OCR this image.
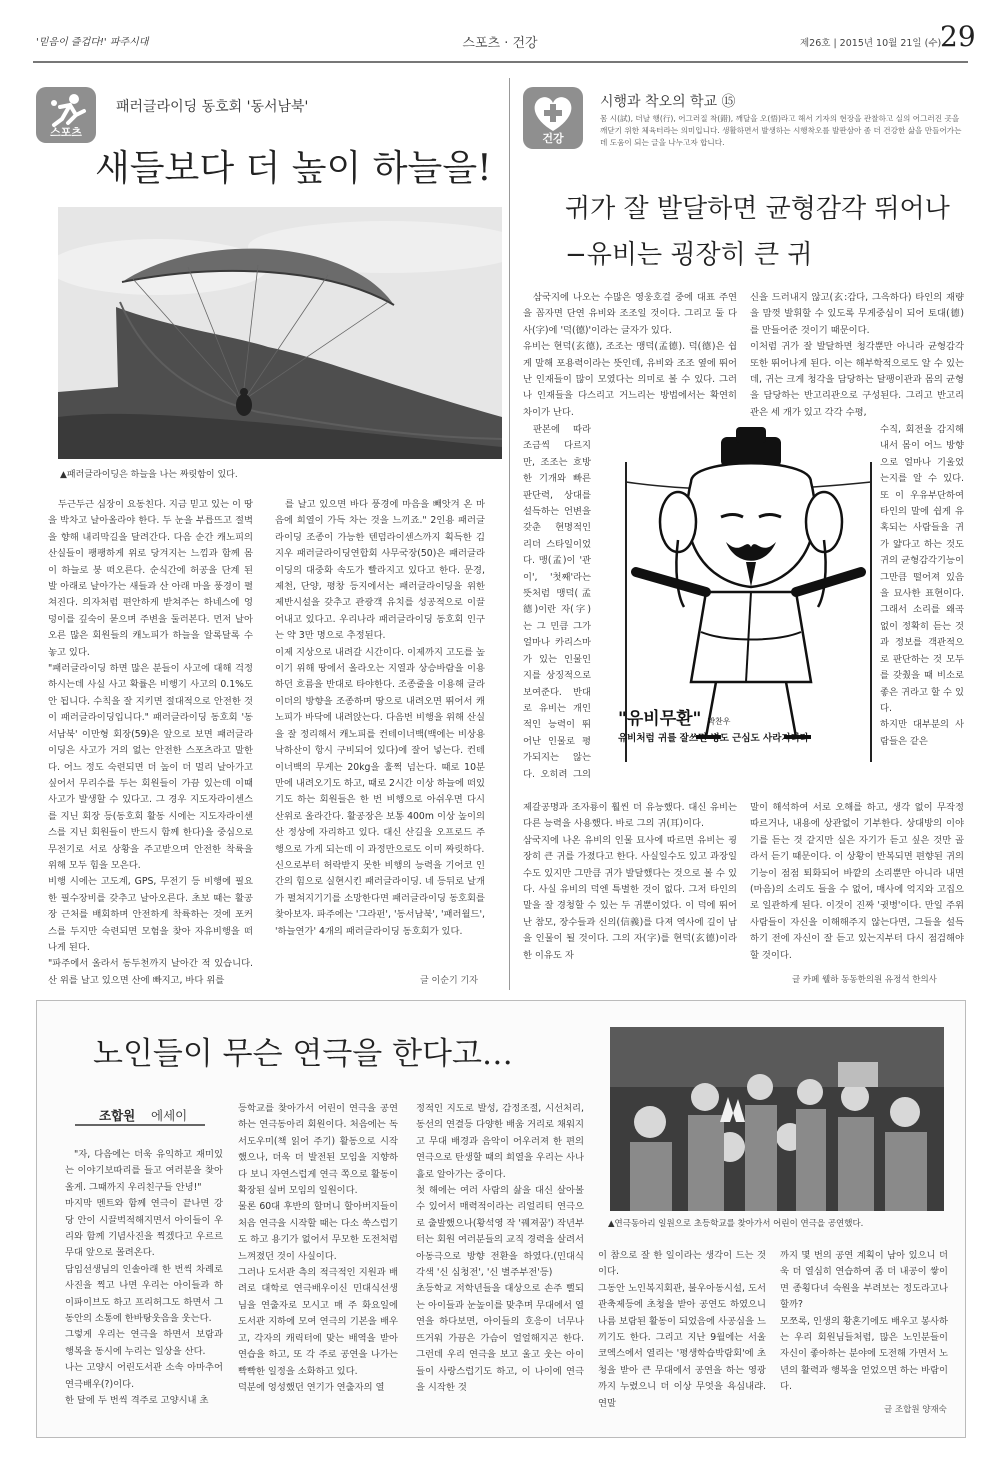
'믿음이 즐겁다!' 파주시대	스포츠 · 건강	제26호 | 2015년 10월 21일 (수)
29
스포츠
패러글라이딩 동호회 '동서남북'
새들보다 더 높이 하늘을!
▲패러글라이딩은 하늘을 나는 짜릿함이 있다.
두근두근 심장이 요동친다. 지금 믿고 있는 이 땅을 박차고 날아올라야 한다. 두 눈을 부릅뜨고 절벽을 향해 내리막길을 달려간다. 다음 순간 캐노피의 산실들이 팽팽하게 위로 당겨지는 느낌과 함께 몸이 하늘로 붕 떠오른다. 순식간에 허공을 단계 된 발 아래로 날아가는 새들과 산 아래 마을 풍경이 펼쳐진다. 의자처럼 편안하게 받쳐주는 하네스에 엉덩이를 깊숙이 묻으며 주변을 둘러본다. 먼저 날아오른 많은 회원들의 캐노피가 하늘을 알록달록 수놓고 있다.
"패러글라이딩 하면 많은 분들이 사고에 대해 걱정하시는데 사실 사고 확률은 비행기 사고의 0.1%도 안 됩니다. 수칙을 잘 지키면 절대적으로 안전한 것이 패러글라이딩입니다." 패러글라이딩 동호회 '동서남북' 이만형 회장(59)은 앞으로 보면 패러글라이딩은 사고가 거의 없는 안전한 스포츠라고 말한다. 어느 정도 숙련되면 더 높이 더 멀리 날아가고 싶어서 무리수를 두는 회원들이 가끔 있는데 이때 사고가 발생할 수 있다고. 그 경우 지도자라이센스를 지닌 회장 등(동호회 활동 시에는 지도자라이센스를 지닌 회원들이 반드시 함께 한다)을 중심으로 무전기로 서로 상황을 주고받으며 안전한 착륙을 위해 모두 힘을 모은다.
비행 시에는 고도계, GPS, 무전기 등 비행에 필요한 필수장비를 갖추고 날아오른다. 초보 때는 활공장 근처를 배회하며 안전하게 착륙하는 것에 포커스를 두지만 숙련되면 모험을 찾아 자유비행을 떠나게 된다.
"파주에서 올라서 동두천까지 날아간 적 있습니다. 산 위를 날고 있으면 산에 빠지고, 바다 위를
를 날고 있으면 바다 풍경에 마음을 빼앗겨 온 마음에 희열이 가득 차는 것을 느끼죠." 2인용 패러글라이딩 조종이 가능한 텐덤라이센스까지 획득한 김지우 패러글라이딩연합회 사무국장(50)은 패러글라이딩의 대중화 속도가 빨라지고 있다고 한다. 문경, 제천, 단양, 평창 등지에서는 패러글라이딩을 위한 제반시설을 갖추고 관광객 유치를 성공적으로 이끌어내고 있다고. 우리나라 패러글라이딩 동호회 인구는 약 3만 명으로 추정된다.
이제 지상으로 내려갈 시간이다. 이제까지 고도를 높이기 위해 땅에서 올라오는 지열과 상승바람을 이용하던 흐름을 반대로 타야한다. 조종줄을 이용해 글라이더의 방향을 조종하며 땅으로 내려오면 뛰어서 캐노피가 바닥에 내려앉는다. 다음번 비행을 위해 산실을 잘 정리해서 캐노피를 컨테이너백(백에는 비상용 낙하산이 항시 구비되어 있다)에 잘어 넣는다. 컨테이너백의 무게는 20kg을 훌쩍 넘는다. 때로 10분 만에 내려오기도 하고, 때로 2시간 이상 하늘에 떠있기도 하는 회원들은 한 번 비행으로 아쉬우면 다시 산위로 올라간다. 활공장은 보통 400m 이상 높이의 산 정상에 자리하고 있다. 대신 산길을 오프로드 주행으로 가게 되는데 이 과정만으로도 이미 짜릿하다.
신으로부터 허락받지 못한 비행의 능력을 기어코 인간의 힘으로 실현시킨 패러글라이딩. 네 등뒤로 날개가 펼쳐지기기를 소망한다면 패러글라이딩 동호회를 찾아보자. 파주에는 '그라펀', '동서남북', '패러월드', '하늘연가' 4개의 패러글라이딩 동호회가 있다.
글 이순기 기자
건강
시행과 착오의 학교 ⑮
몸 시(試), 더날 행(行), 어그러질 착(錯), 깨달을 오(悟)라고 해서 기자의 현장을 관찰하고 실의 어그러진 곳을 깨닫기 위한 체육터라는 의미입니다. 생활하면서 발생하는 시행착오를 발판삼아 좀 더 건강한 삶을 만들어가는데 도움이 되는 글을 나누고자 합니다.
귀가 잘 발달하면 균형감각 뛰어나
−유비는 굉장히 큰 귀
삼국지에 나오는 수많은 영웅호걸 중에 대표 주연을 꼽자면 단연 유비와 조조일 것이다. 그리고 둘 다 사(字)에 '덕(德)'이라는 글자가 있다.
유비는 현덕(玄德), 조조는 맹덕(孟德). 덕(德)은 쉽게 말해 포용력이라는 뜻인데, 유비와 조조 옆에 뛰어난 인재들이 많이 모였다는 의미로 볼 수 있다. 그러나 인재들을 다스리고 거느리는 방법에서는 확연히 차이가 난다.
판본에 따라 조금씩 다르지만, 조조는 흐방한 기개와 빠른 판단력, 상대를 설득하는 언변을 갖춘 현명적인 리더 스타일이었다. 맹(孟)이 '관이', '첫째'라는 뜻처럼 맹덕(孟德)이란 자(字)는 그 민큼 그가 얼마나 카리스마가 있는 인물인지를 상징적으로 보여준다. 반대로 유비는 개인적인 능력이 뛰어난 인물로 평가되지는 않는다. 오히려 그의
제갈공명과 조자룡이 훨씬 더 유능했다. 대신 유비는 다른 능력을 사용했다. 바로 그의 귀(耳)이다.
삼국지에 나온 유비의 인물 묘사에 따르면 유비는 굉장히 큰 귀를 가졌다고 한다. 사실일수도 있고 과장일 수도 있지만 그만큼 귀가 발달했다는 것으로 볼 수 있다. 사실 유비의 덕엔 특별한 것이 없다. 그저 타인의 말을 잘 경청할 수 있는 두 귀뿐이었다. 이 덕에 뛰어난 참모, 장수들과 신의(信義)를 다져 역사에 길이 남을 인물이 될 것이다. 그의 자(字)를 현덕(玄德)이라 한 이유도 자
신을 드러내지 않고(玄:감다, 그윽하다) 타인의 재량을 맘껏 발휘할 수 있도록 무게중심이 되어 토대(德)를 만들어준 것이기 때문이다.
이처럼 귀가 잘 발달하면 청각뿐만 아니라 균형감각 또한 뛰어나게 된다. 이는 해부학적으로도 알 수 있는데, 귀는 크게 청각을 담당하는 달팽이관과 몸의 균형을 담당하는 반고리관으로 구성된다. 그리고 반고리관은 세 개가 있고 각각 수평,
수직, 회전을 감지해내서 몸이 어느 방향으로 얼마나 기울었는지를 알 수 있다. 또 이 우유부단하여 타인의 말에 쉽게 유혹되는 사람들을 귀가 얇다고 하는 것도 귀의 균형감각기능이 그만큼 떨어져 있음을 묘사한 표현이다. 그래서 소리를 왜곡 없이 정확히 듣는 것과 정보를 객관적으로 판단하는 것 모두를 갖췄을 때 비소로 좋은 귀라고 할 수 있다.
하지만 대부분의 사람들은 같은
말이 해석하여 서로 오해를 하고, 생각 없이 무작정 따르거나, 내용에 상관없이 기부한다. 상대방의 이야기를 듣는 것 같지만 실은 자기가 듣고 싶은 것만 골라서 듣기 때문이다. 이 상황이 반복되면 편향된 귀의 기능이 점점 퇴화되어 바깥의 소리뿐만 아니라 내면(마음)의 소리도 들을 수 없어, 매사에 억지와 고집으로 일관하게 된다. 이것이 진짜 '귓병'이다. 만일 주위 사람들이 자신을 이해해주지 않는다면, 그들을 설득하기 전에 자신이 잘 듣고 있는지부터 다시 점검해야 할 것이다.
글 카페 웰하 동동한의원 유정석 한의사
"유비무환" 박찬우
유비처럼 귀를 잘쓰면 병도 근심도 사라지리라
노인들이 무슨 연극을 한다고…
조합원 에세이
▲연극동아리 일원으로 초등학교를 찾아가서 어린이 연극을 공연했다.
"자, 다음에는 더욱 유익하고 재미있는 이야기보따리를 들고 여러분을 찾아올게. 그때까지 우리친구들 안녕!"
마지막 멘트와 함께 연극이 끝나면 강당 안이 시끌벅적해지면서 아이들이 우리와 함께 기념사진을 찍겠다고 우르르 무대 앞으로 몰려온다.
담임선생님의 인솔아래 한 번씩 차례로 사진을 찍고 나면 우리는 아이들과 하이파이브도 하고 프리허그도 하면서 그동안의 소통에 한바탕웃음을 웃는다.
그렇게 우리는 연극을 하면서 보람과 행복을 동시에 누리는 일상을 산다.
나는 고양시 어린도서관 소속 아마추어 연극배우(?)이다.
한 달에 두 번씩 격주로 고양시내 초
등학교를 찾아가서 어린이 연극을 공연하는 연극동아리 회원이다. 처음에는 독서도우미(책 읽어 주기) 활동으로 시작했으나, 더욱 더 발전된 모임을 지향하다 보니 자연스럽게 연극 쪽으로 활동이 확장된 실버 모임의 일원이다.
물론 60대 후반의 할머니 할아버지들이 처음 연극을 시작할 때는 다소 쑥스럽기도 하고 용기가 없어서 무모한 도전처럼 느껴졌던 것이 사실이다.
그러나 도서관 측의 적극적인 지원과 배려로 대학로 연극배우이신 민대식선생님을 연출자로 모시고 매 주 화요일에 도서관 지하에 모여 연극의 기본을 배우고, 각자의 캐릭터에 맞는 배역을 받아 연습을 하고, 또 각 주로 공연을 나가는 빡빡한 일정을 소화하고 있다.
덕분에 엉성했던 연기가 연출자의 열
정적인 지도로 발성, 감정조절, 시선처리, 동선의 연결등 다양한 배움 거리로 채워지고 무대 배경과 음악이 어우러져 한 편의 연극으로 탄생할 때의 희열을 우리는 사나흘로 알아가는 중이다.
첫 해에는 여러 사람의 삶을 대신 살아볼 수 있어서 매력적이라는 리얼리티 연극으로 출발했으나(황석영 작 '꿰져꿈') 작년부터는 회원 여러분들의 교직 경력을 살려서 아동극으로 방향 전환을 하였다.(민대식 각색 '신 심청전', '신 별주부전'등)
초등학교 저학년들을 대상으로 손주 뻘되는 아이들과 눈높이를 맞추며 무대에서 열연을 하다보면, 아이들의 호응이 너무나 뜨거워 가끔은 가슴이 얼얼해지곤 한다. 그런데 우리 연극을 보고 울고 웃는 아이들이 사랑스럽기도 하고, 이 나이에 연극을 시작한 것
이 참으로 잘 한 일이라는 생각이 드는 것이다.
그동안 노인복지회관, 불우아동시설, 도서관축제등에 초청을 받아 공연도 하였으니 나름 보람된 활동이 되었음에 사공심을 느끼기도 한다. 그리고 지난 9월에는 서울 코엑스에서 열리는 '평생학습박람회'에 초청을 받아 큰 무대에서 공연을 하는 영광까지 누렸으니 더 이상 무엇을 욕심내랴. 연말
까지 몇 번의 공연 계획이 남아 있으니 더욱 더 열심히 연습하여 좀 더 내공이 쌓이면 종횡다녀 숙원을 부려보는 정도라고나 할까?
모쪼록, 인생의 황혼기에도 배우고 봉사하는 우리 회원님들처럼, 많은 노인분들이 자신이 좋아하는 분야에 도전해 가면서 노년의 활력과 행복을 얻었으면 하는 바람이다.
글 조합원 양재숙
